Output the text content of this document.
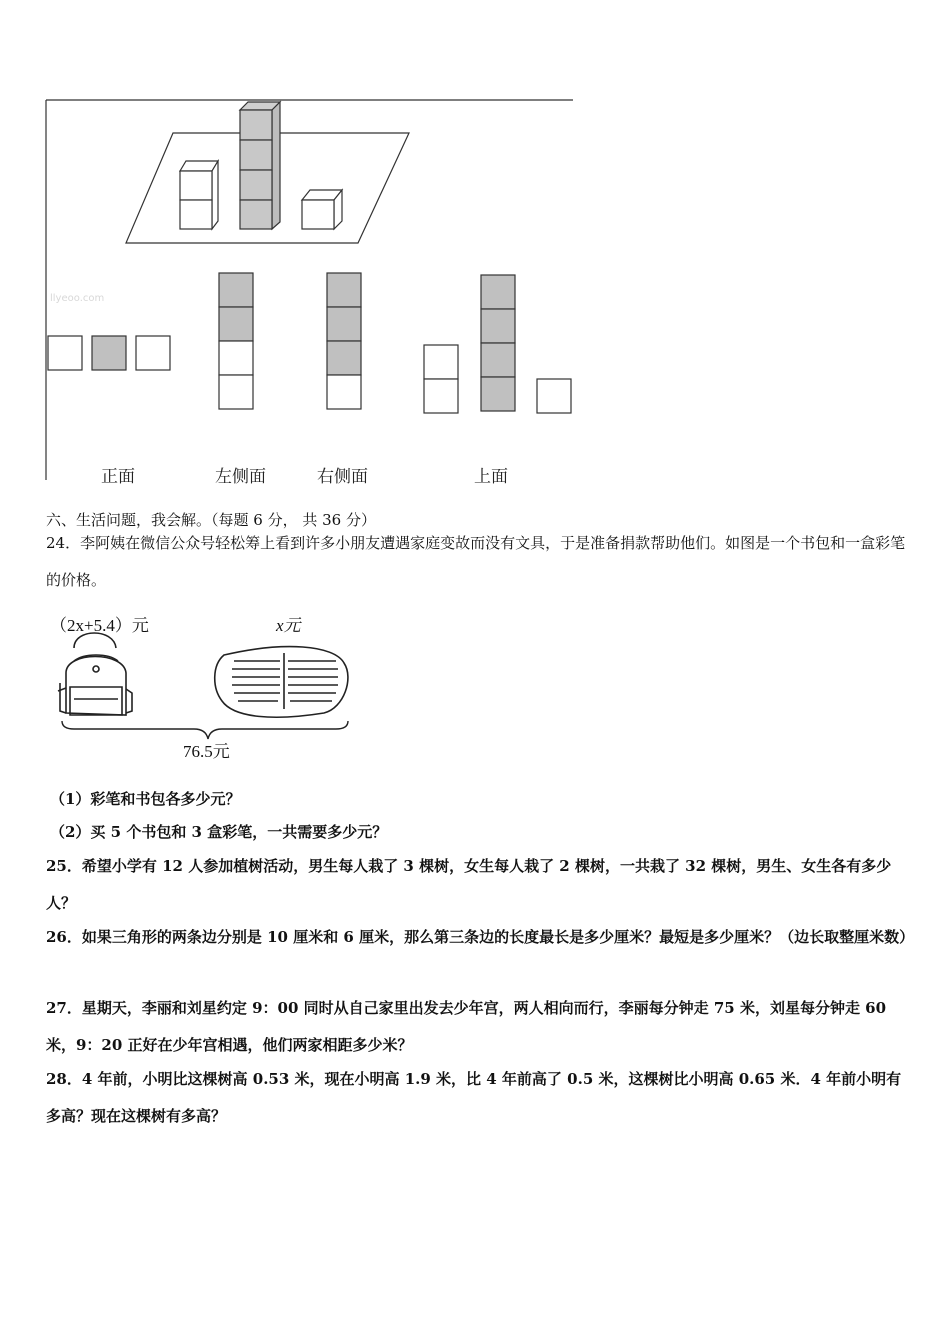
llyeoo.com
正面	左侧面	右侧面	上面
六、生活问题，我会解。（每题 6 分， 共 36 分）
24．李阿姨在微信公众号轻松筹上看到许多小朋友遭遇家庭变故而没有文具，于是准备捐款帮助他们。如图是一个书包和一盒彩笔的价格。
（2x+5.4）元	x元
76.5元
（1）彩笔和书包各多少元？
（2）买 5 个书包和 3 盒彩笔，一共需要多少元？
25．希望小学有 12 人参加植树活动，男生每人栽了 3 棵树，女生每人栽了 2 棵树，一共栽了 32 棵树，男生、女生各有多少人？
26．如果三角形的两条边分别是 10 厘米和 6 厘米，那么第三条边的长度最长是多少厘米？最短是多少厘米？（边长取整厘米数）
27．星期天，李丽和刘星约定 9：00 同时从自己家里出发去少年宫，两人相向而行，李丽每分钟走 75 米，刘星每分钟走 60 米，9：20 正好在少年宫相遇，他们两家相距多少米？
28．4 年前，小明比这棵树高 0.53 米，现在小明高 1.9 米，比 4 年前高了 0.5 米，这棵树比小明高 0.65 米．4 年前小明有多高？现在这棵树有多高？
